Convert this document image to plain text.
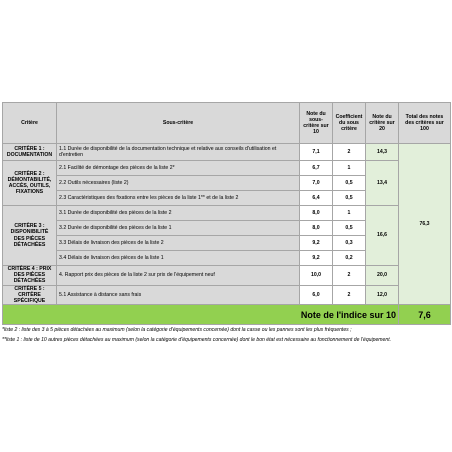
Critère	Sous-critère	Note du sous-critère sur 10	Coefficient du sous critère	Note du critère sur 20	Total des notes des critères sur 100
CRITÈRE 1 : DOCUMENTATION	1.1 Durée de disponibilité de la documentation technique et relative aux conseils d'utilisation et d'entretien	7,1	2	14,3	76,3
CRITÈRE 2 : DÉMONTABILITÉ, ACCÈS, OUTILS, FIXATIONS	2.1 Facilité de démontage des pièces de la liste 2*	6,7	1	13,4	
	2.2 Outils nécessaires (liste 2)	7,0	0,5		
	2.3 Caractéristiques des fixations entre les pièces de la liste 1** et de la liste 2	6,4	0,5		
CRITÈRE 3 : DISPONIBILITÉ DES PIÈCES DÉTACHÉES	3.1 Durée de disponibilité des pièces de la liste 2	8,0	1	16,6	
	3.2 Durée de disponibilité des pièces de la liste 1	8,0	0,5		
	3.3 Délais de livraison des pièces de la liste 2	9,2	0,3		
	3.4 Délais de livraison des pièces de la liste 1	9,2	0,2		
CRITÈRE 4 : PRIX DES PIÈCES DÉTACHÉES	4. Rapport prix des pièces de la liste 2 sur prix de l'équipement neuf	10,0	2	20,0	
CRITÈRE 5 : CRITÈRE SPÉCIFIQUE	5.1 Assistance à distance sans frais	6,0	2	12,0	
Note de l'indice sur 10					7,6
*liste 2 : liste des 3 à 5 pièces détachées au maximum (selon la catégorie d'équipements concernée) dont la casse ou les pannes sont les plus fréquentes ;
**liste 1 : liste de 10 autres pièces détachées au maximum (selon la catégorie d'équipements concernée) dont le bon état est nécessaire au fonctionnement de l'équipement.
